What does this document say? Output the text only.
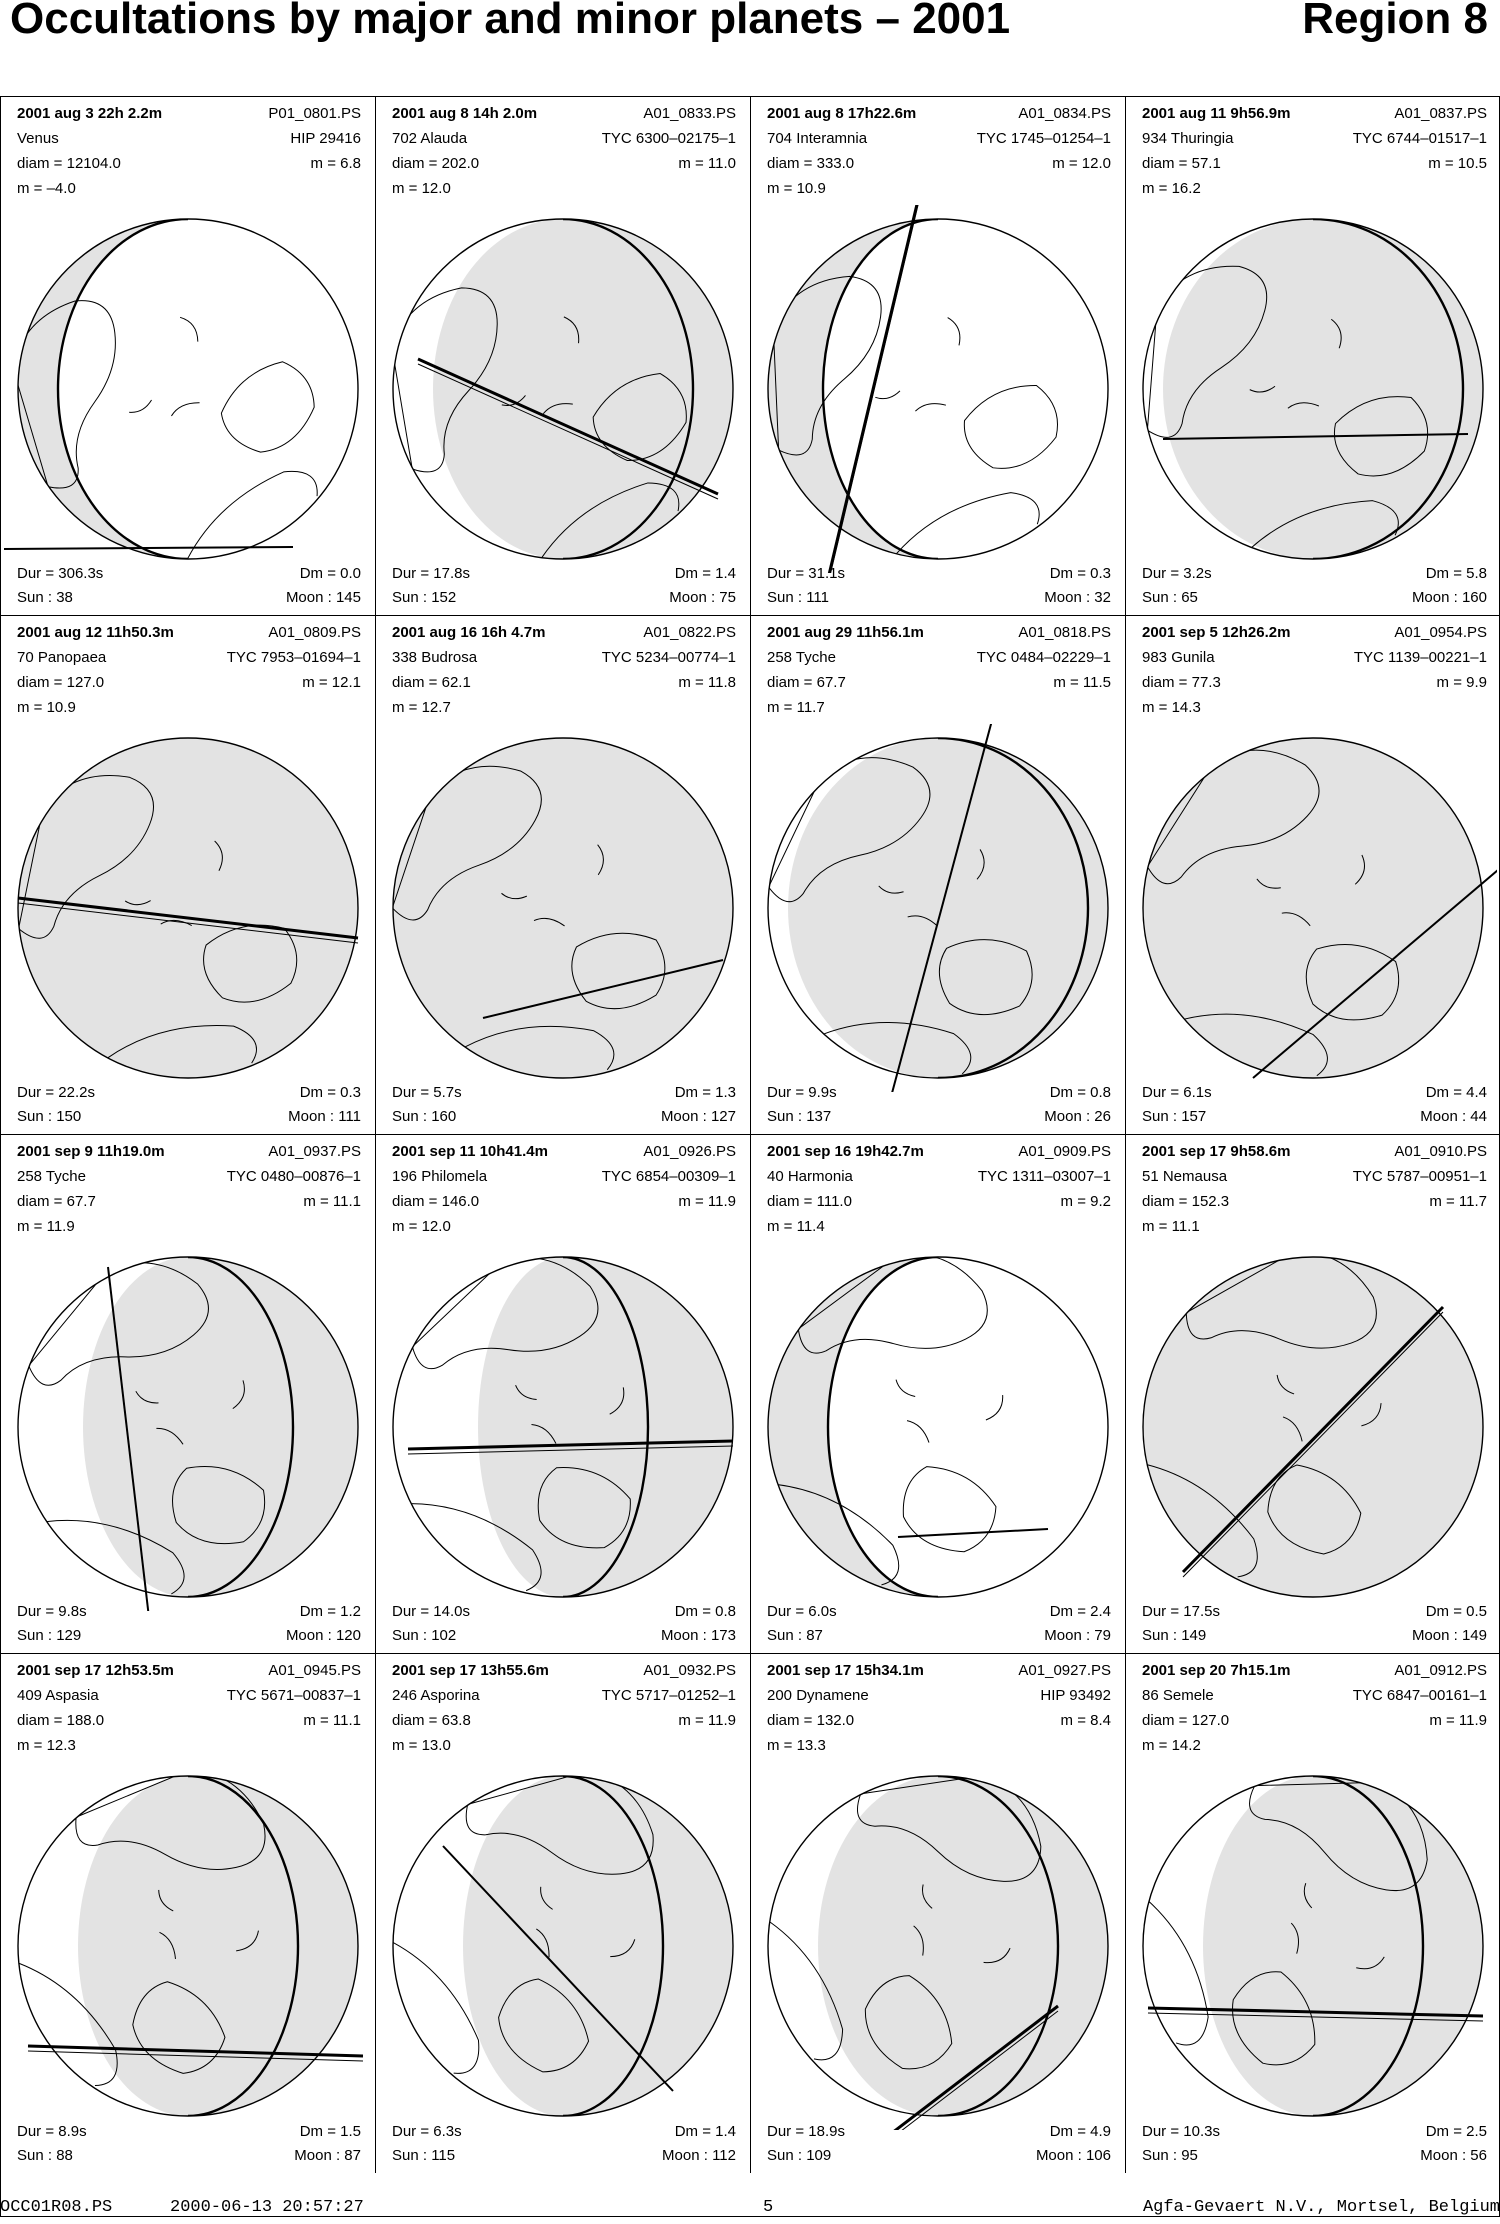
Occultations by major and minor planets – 2001	Region 8
2001 aug 3 22h 2.2m	P01_0801.PS
Venus	HIP 29416
diam = 12104.0	m = 6.8
m = –4.0
Dur = 306.3s	Dm = 0.0
Sun : 38	Moon : 145
2001 aug 8 14h 2.0m	A01_0833.PS
702 Alauda	TYC 6300–02175–1
diam = 202.0	m = 11.0
m = 12.0
Dur = 17.8s	Dm = 1.4
Sun : 152	Moon : 75
2001 aug 8 17h22.6m	A01_0834.PS
704 Interamnia	TYC 1745–01254–1
diam = 333.0	m = 12.0
m = 10.9
Dur = 31.1s	Dm = 0.3
Sun : 111	Moon : 32
2001 aug 11 9h56.9m	A01_0837.PS
934 Thuringia	TYC 6744–01517–1
diam = 57.1	m = 10.5
m = 16.2
Dur = 3.2s	Dm = 5.8
Sun : 65	Moon : 160
2001 aug 12 11h50.3m	A01_0809.PS
70 Panopaea	TYC 7953–01694–1
diam = 127.0	m = 12.1
m = 10.9
Dur = 22.2s	Dm = 0.3
Sun : 150	Moon : 111
2001 aug 16 16h 4.7m	A01_0822.PS
338 Budrosa	TYC 5234–00774–1
diam = 62.1	m = 11.8
m = 12.7
Dur = 5.7s	Dm = 1.3
Sun : 160	Moon : 127
2001 aug 29 11h56.1m	A01_0818.PS
258 Tyche	TYC 0484–02229–1
diam = 67.7	m = 11.5
m = 11.7
Dur = 9.9s	Dm = 0.8
Sun : 137	Moon : 26
2001 sep 5 12h26.2m	A01_0954.PS
983 Gunila	TYC 1139–00221–1
diam = 77.3	m = 9.9
m = 14.3
Dur = 6.1s	Dm = 4.4
Sun : 157	Moon : 44
2001 sep 9 11h19.0m	A01_0937.PS
258 Tyche	TYC 0480–00876–1
diam = 67.7	m = 11.1
m = 11.9
Dur = 9.8s	Dm = 1.2
Sun : 129	Moon : 120
2001 sep 11 10h41.4m	A01_0926.PS
196 Philomela	TYC 6854–00309–1
diam = 146.0	m = 11.9
m = 12.0
Dur = 14.0s	Dm = 0.8
Sun : 102	Moon : 173
2001 sep 16 19h42.7m	A01_0909.PS
40 Harmonia	TYC 1311–03007–1
diam = 111.0	m = 9.2
m = 11.4
Dur = 6.0s	Dm = 2.4
Sun : 87	Moon : 79
2001 sep 17 9h58.6m	A01_0910.PS
51 Nemausa	TYC 5787–00951–1
diam = 152.3	m = 11.7
m = 11.1
Dur = 17.5s	Dm = 0.5
Sun : 149	Moon : 149
2001 sep 17 12h53.5m	A01_0945.PS
409 Aspasia	TYC 5671–00837–1
diam = 188.0	m = 11.1
m = 12.3
Dur = 8.9s	Dm = 1.5
Sun : 88	Moon : 87
2001 sep 17 13h55.6m	A01_0932.PS
246 Asporina	TYC 5717–01252–1
diam = 63.8	m = 11.9
m = 13.0
Dur = 6.3s	Dm = 1.4
Sun : 115	Moon : 112
2001 sep 17 15h34.1m	A01_0927.PS
200 Dynamene	HIP 93492
diam = 132.0	m = 8.4
m = 13.3
Dur = 18.9s	Dm = 4.9
Sun : 109	Moon : 106
2001 sep 20 7h15.1m	A01_0912.PS
86 Semele	TYC 6847–00161–1
diam = 127.0	m = 11.9
m = 14.2
Dur = 10.3s	Dm = 2.5
Sun : 95	Moon : 56
OCC01R08.PS	2000-06-13 20:57:27	5	Agfa-Gevaert N.V., Mortsel, Belgium
